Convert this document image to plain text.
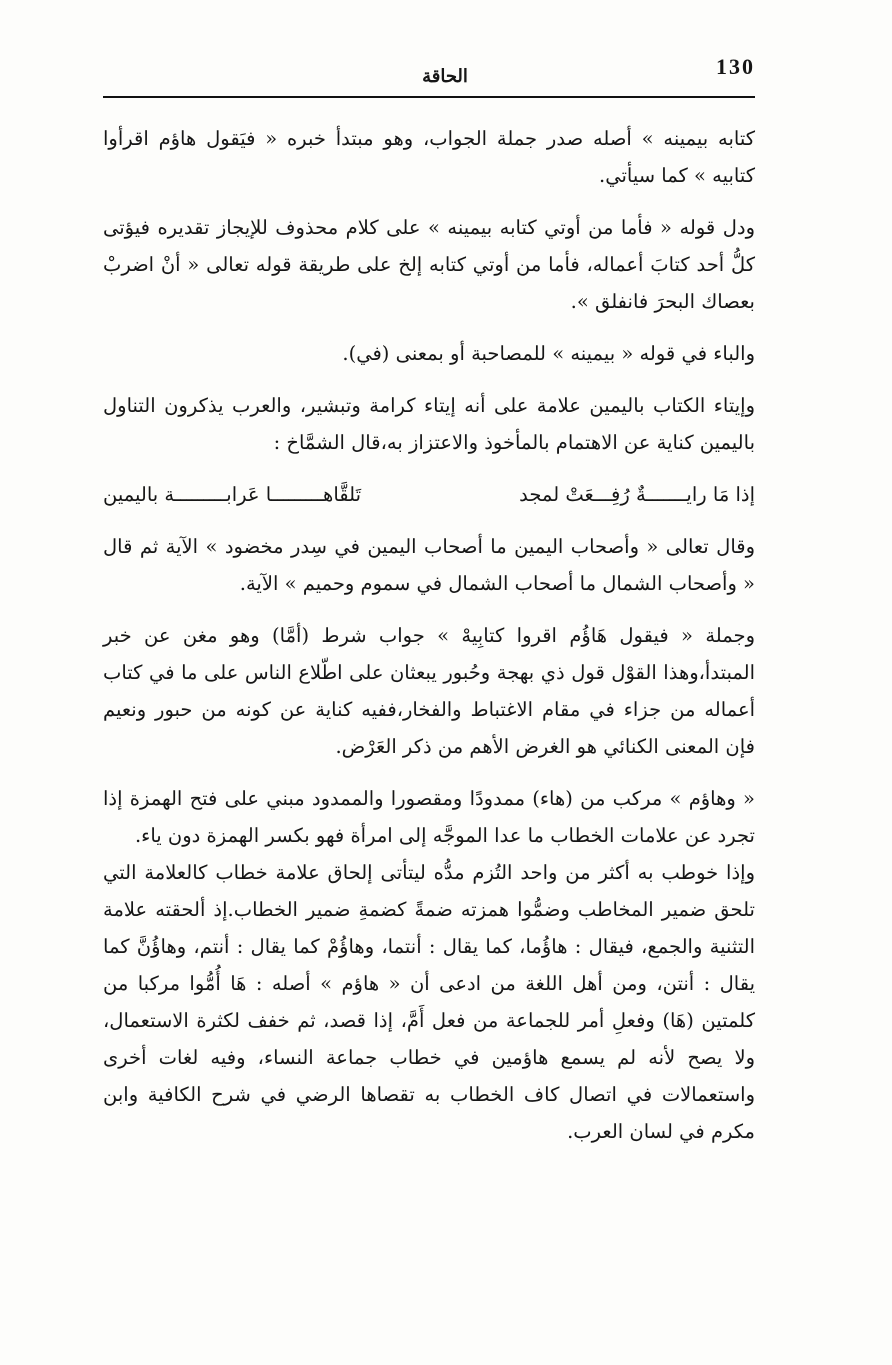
130
الحاقة

كتابه بيمينه » أصله صدر جملة الجواب، وهو مبتدأ خبره « فيَقول هاؤم اقرأوا كتابيه » كما سيأتي.

ودل قوله « فأما من أوتي كتابه بيمينه » على كلام محذوف للإيجاز تقديره فيؤتى كلُّ أحد كتابَ أعماله، فأما من أوتي كتابه إلخ على طريقة قوله تعالى « أنْ اضربْ بعصاك البحرَ فانفلق ».

والباء في قوله « بيمينه » للمصاحبة أو بمعنى (في).

وإيتاء الكتاب باليمين علامة على أنه إيتاء كرامة وتبشير، والعرب يذكرون التناول باليمين كناية عن الاهتمام بالمأخوذ والاعتزاز به،قال الشمَّاخ :

إذا مَا رايـــــــةٌ رُفِـــعَتْ لمجد
تَلقَّاهـــــــــا عَرابـــــــــة باليمين

وقال تعالى « وأصحاب اليمين ما أصحاب اليمين في سِدر مخضود » الآية ثم قال « وأصحاب الشمال ما أصحاب الشمال في سموم وحميم » الآية.

وجملة « فيقول هَاؤُم اقروا كتابِيهْ » جواب شرط (أمَّا) وهو مغن عن خبر المبتدأ،وهذا القوْل قول ذي بهجة وحُبور يبعثان على اطّلاع الناس على ما في كتاب أعماله من جزاء في مقام الاغتباط والفخار،ففيه كناية عن كونه من حبور ونعيم فإن المعنى الكنائي هو الغرض الأهم من ذكر العَرْض.

« وهاؤم » مركب من (هاء) ممدودًا ومقصورا والممدود مبني على فتح الهمزة إذا تجرد عن علامات الخطاب ما عدا الموجَّه إلى امرأة فهو بكسر الهمزة دون ياء.

وإذا خوطب به أكثر من واحد التُزم مدُّه ليتأتى إلحاق علامة خطاب كالعلامة التي تلحق ضمير المخاطب وضمُّوا همزته ضمةً كضمةِ ضمير الخطاب.إذ ألحقته علامة التثنية والجمع، فيقال : هاؤُما، كما يقال : أنتما، وهاؤُمْ كما يقال : أنتم، وهاؤُنَّ كما يقال : أنتن، ومن أهل اللغة من ادعى أن « هاؤم » أصله : هَا أُمُّوا مركبا من كلمتين (هَا) وفعلِ أمر للجماعة من فعل أَمَّ، إذا قصد، ثم خفف لكثرة الاستعمال، ولا يصح لأنه لم يسمع هاؤمين في خطاب جماعة النساء، وفيه لغات أخرى واستعمالات في اتصال كاف الخطاب به تقصاها الرضي في شرح الكافية وابن مكرم في لسان العرب.
